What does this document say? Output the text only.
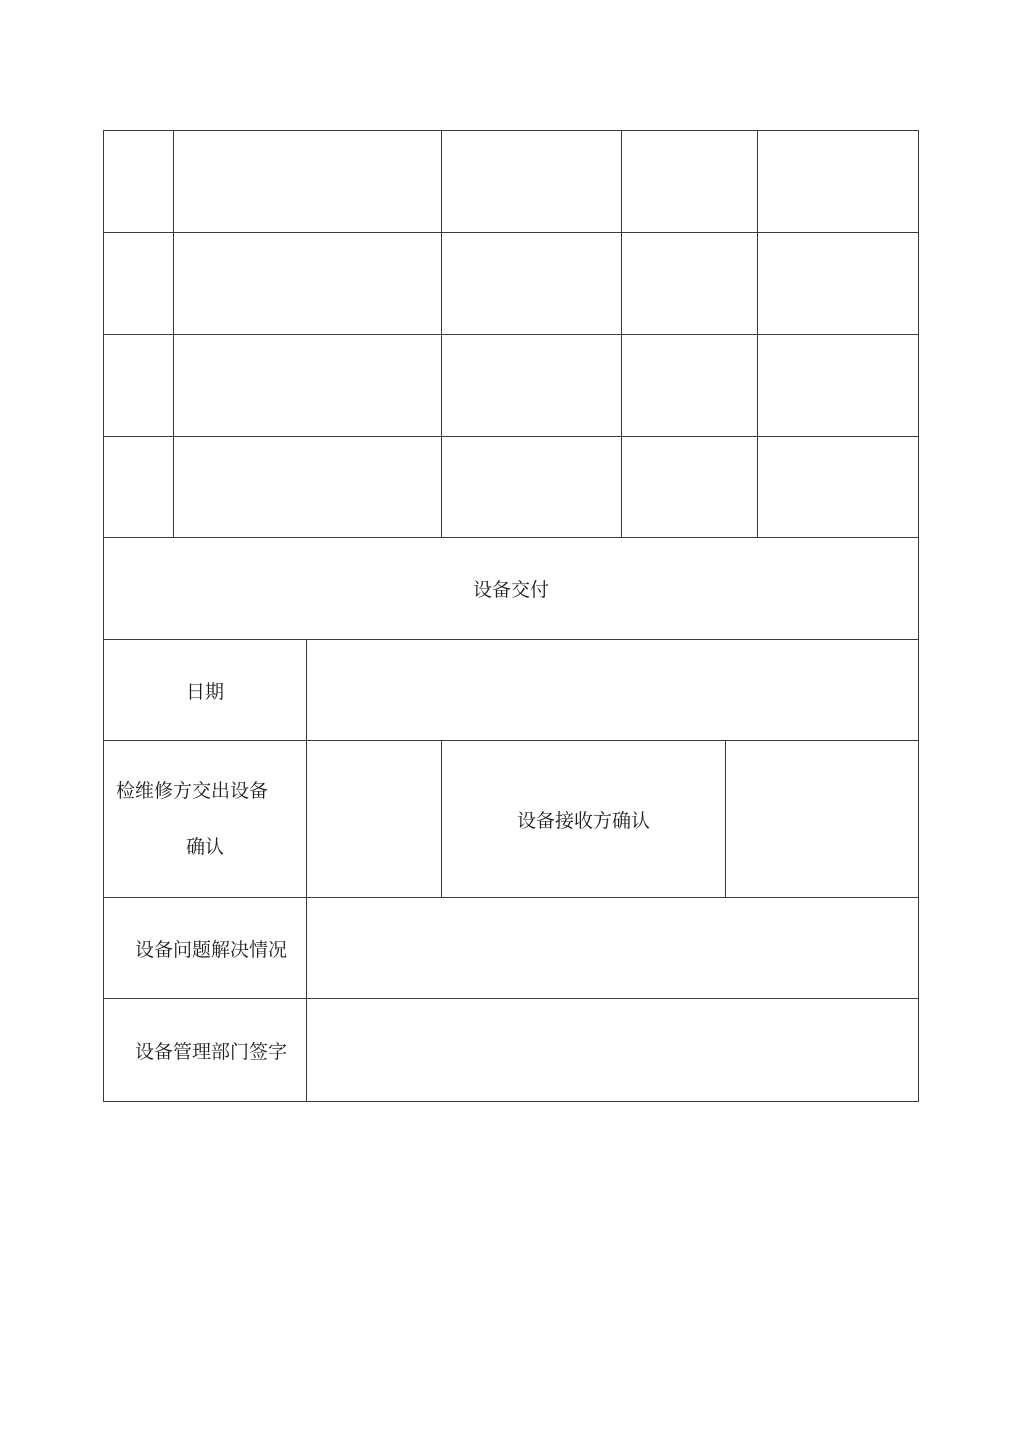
设备交付						
日期						

检维修方交出设备
确认			设备接收方确认			
设备问题解决情况						
设备管理部门签字						
